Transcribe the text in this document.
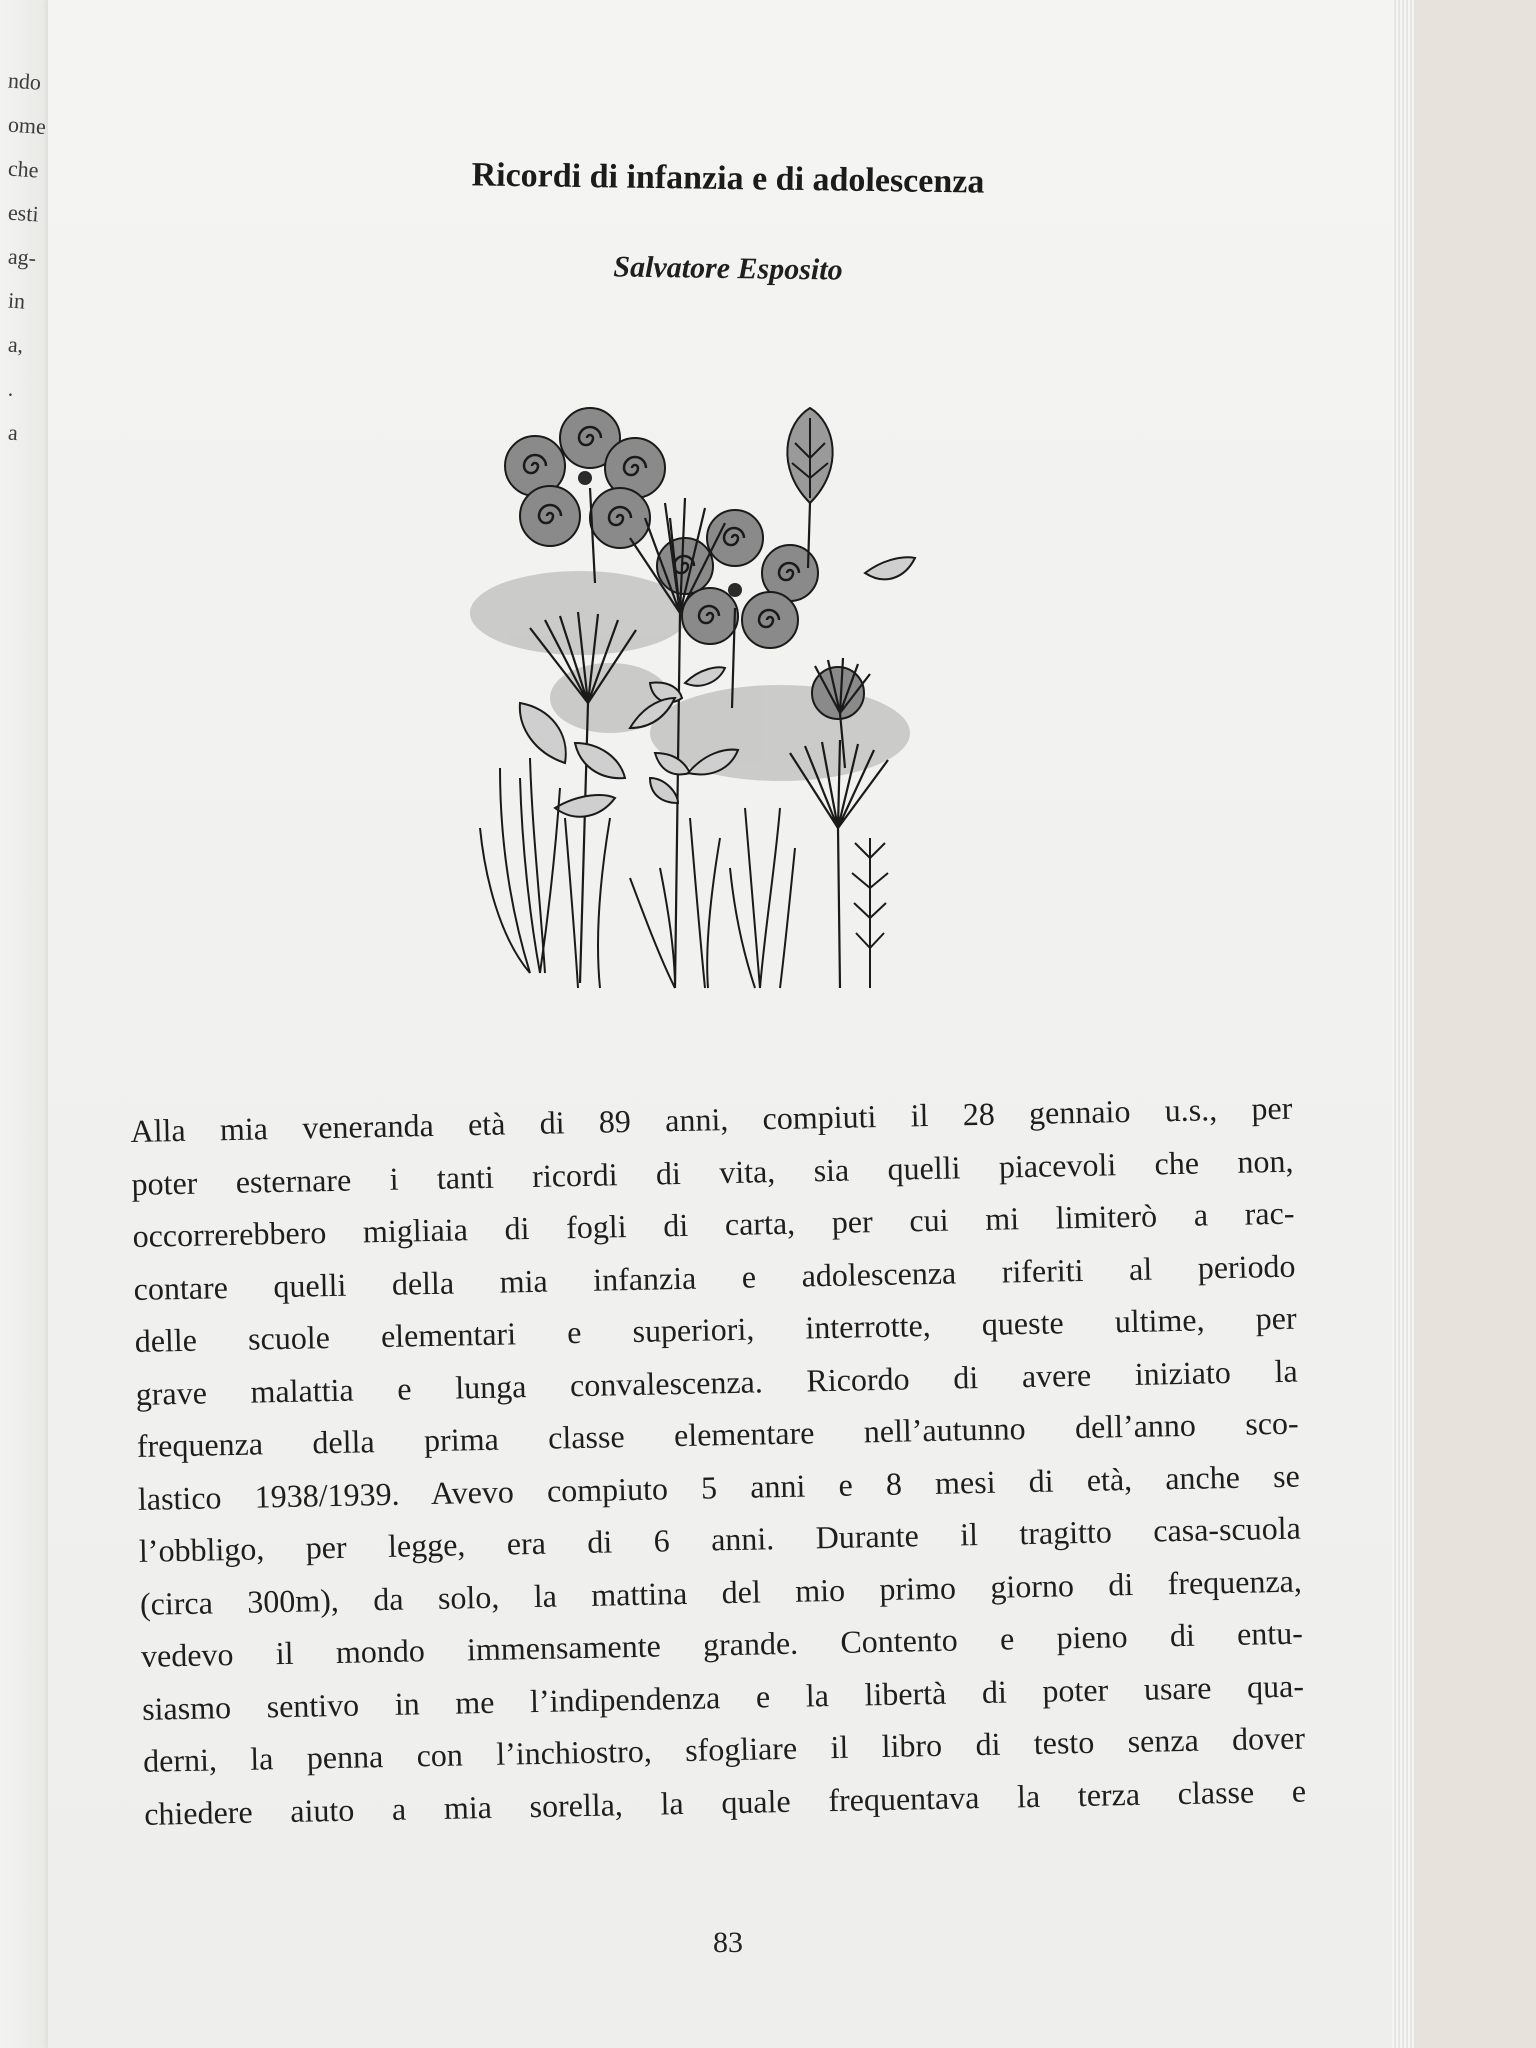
ndo
ome
che
esti
ag-
in
a,
.
a
Ricordi di infanzia e di adolescenza
Salvatore Esposito
Alla mia veneranda età di 89 anni, compiuti il 28 gennaio u.s., per
poter esternare i tanti ricordi di vita, sia quelli piacevoli che non,
occorrerebbero migliaia di fogli di carta, per cui mi limiterò a rac-
contare quelli della mia infanzia e adolescenza riferiti al periodo
delle scuole elementari e superiori, interrotte, queste ultime, per
grave malattia e lunga convalescenza. Ricordo di avere iniziato la
frequenza della prima classe elementare nell’autunno dell’anno sco-
lastico 1938/1939. Avevo compiuto 5 anni e 8 mesi di età, anche se
l’obbligo, per legge, era di 6 anni. Durante il tragitto casa-scuola
(circa 300m), da solo, la mattina del mio primo giorno di frequenza,
vedevo il mondo immensamente grande. Contento e pieno di entu-
siasmo sentivo in me l’indipendenza e la libertà di poter usare qua-
derni, la penna con l’inchiostro, sfogliare il libro di testo senza dover
chiedere aiuto a mia sorella, la quale frequentava la terza classe e
83
